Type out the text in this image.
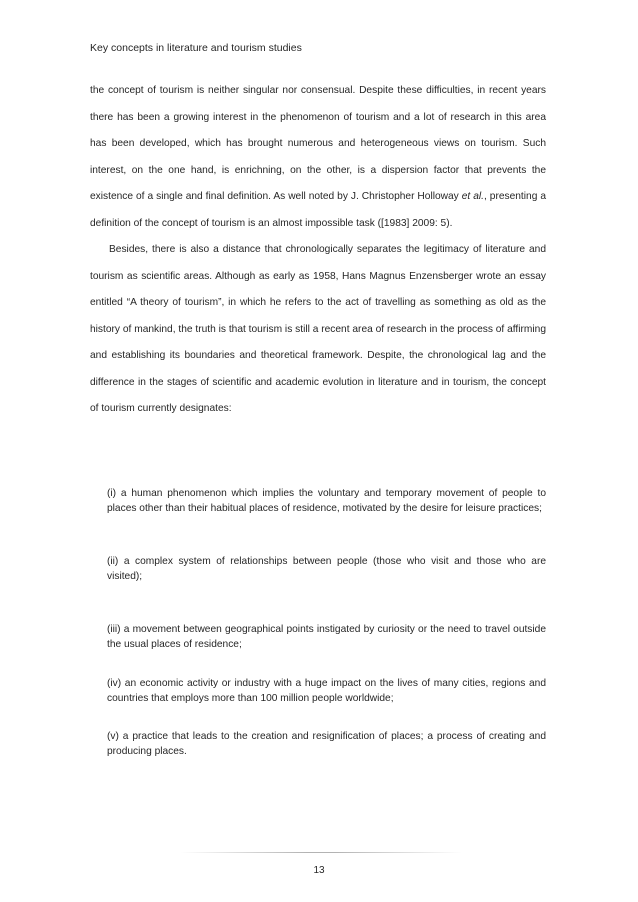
Key concepts in literature and tourism studies

the concept of tourism is neither singular nor consensual. Despite these difficulties, in recent years there has been a growing interest in the phenomenon of tourism and a lot of research in this area has been developed, which has brought numerous and heterogeneous views on tourism. Such interest, on the one hand, is enrichning, on the other, is a dispersion factor that prevents the existence of a single and final definition. As well noted by J. Christopher Holloway et al., presenting a definition of the concept of tourism is an almost impossible task ([1983] 2009: 5).

Besides, there is also a distance that chronologically separates the legitimacy of literature and tourism as scientific areas. Although as early as 1958, Hans Magnus Enzensberger wrote an essay entitled “A theory of tourism”, in which he refers to the act of travelling as something as old as the history of mankind, the truth is that tourism is still a recent area of research in the process of affirming and establishing its boundaries and theoretical framework. Despite, the chronological lag and the difference in the stages of scientific and academic evolution in literature and in tourism, the concept of tourism currently designates:

(i) a human phenomenon which implies the voluntary and temporary movement of people to places other than their habitual places of residence, motivated by the desire for leisure practices;

(ii) a complex system of relationships between people (those who visit and those who are visited);

(iii) a movement between geographical points instigated by curiosity or the need to travel outside the usual places of residence;

(iv) an economic activity or industry with a huge impact on the lives of many cities, regions and countries that employs more than 100 million people worldwide;

(v) a practice that leads to the creation and resignification of places; a process of creating and producing places.

13
